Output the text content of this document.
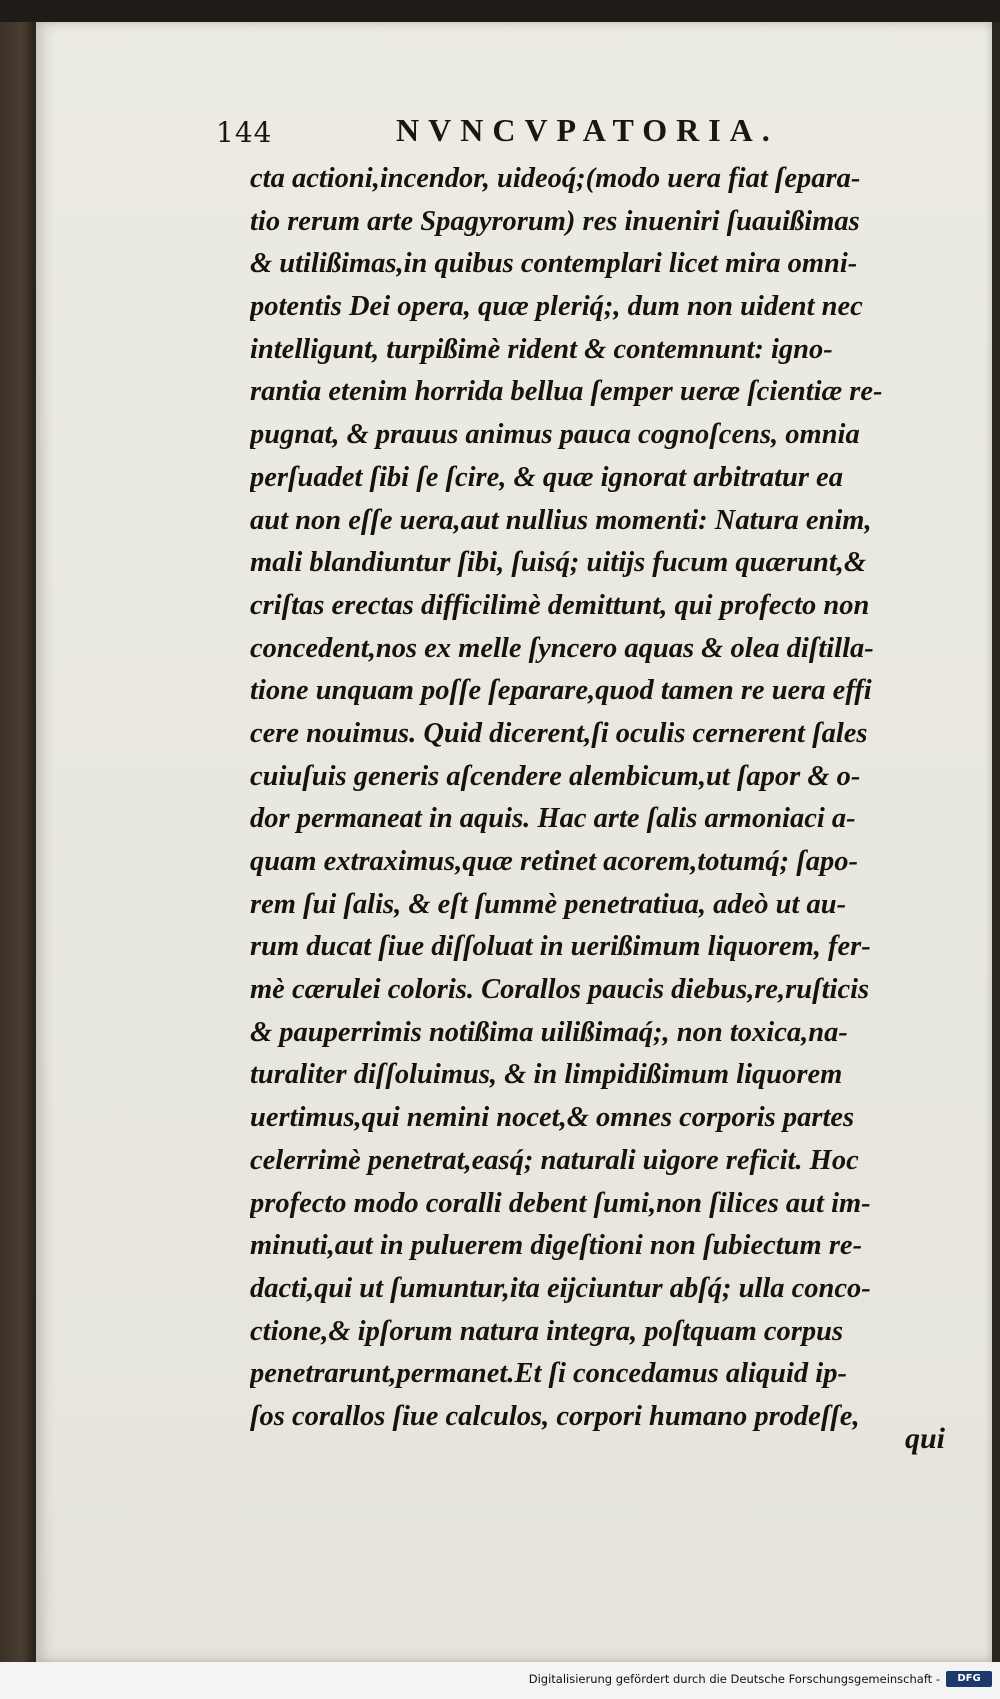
144	NVNCVPATORIA.
cta actioni,incendor, uideoq́;(modo uera fiat ſepara-
tio rerum arte Spagyrorum) res inueniri ſuauißimas
& utilißimas,in quibus contemplari licet mira omni-
potentis Dei opera, quæ pleriq́;, dum non uident nec
intelligunt, turpißimè rident & contemnunt: igno-
rantia etenim horrida bellua ſemper ueræ ſcientiæ re-
pugnat, & prauus animus pauca cognoſcens, omnia
perſuadet ſibi ſe ſcire, & quæ ignorat arbitratur ea
aut non eſſe uera,aut nullius momenti: Natura enim,
mali blandiuntur ſibi, ſuisq́; uitijs fucum quærunt,&
criſtas erectas difficilimè demittunt, qui profecto non
concedent,nos ex melle ſyncero aquas & olea diſtilla-
tione unquam poſſe ſeparare,quod tamen re uera effi
cere nouimus. Quid dicerent,ſi oculis cernerent ſales
cuiuſuis generis aſcendere alembicum,ut ſapor & o-
dor permaneat in aquis. Hac arte ſalis armoniaci a-
quam extraximus,quæ retinet acorem,totumq́; ſapo-
rem ſui ſalis, & eſt ſummè penetratiua, adeò ut au-
rum ducat ſiue diſſoluat in uerißimum liquorem, fer-
mè cærulei coloris. Corallos paucis diebus,re,ruſticis
& pauperrimis notißima uilißimaq́;, non toxica,na-
turaliter diſſoluimus, & in limpidißimum liquorem
uertimus,qui nemini nocet,& omnes corporis partes
celerrimè penetrat,easq́; naturali uigore reficit. Hoc
profecto modo coralli debent ſumi,non ſilices aut im-
minuti,aut in puluerem digeſtioni non ſubiectum re-
dacti,qui ut ſumuntur,ita eijciuntur abſq́; ulla conco-
ctione,& ipſorum natura integra, poſtquam corpus
penetrarunt,permanet.Et ſi concedamus aliquid ip-
ſos corallos ſiue calculos, corpori humano prodeſſe,
qui
Digitalisierung gefördert durch die Deutsche Forschungsgemeinschaft -	DFG
